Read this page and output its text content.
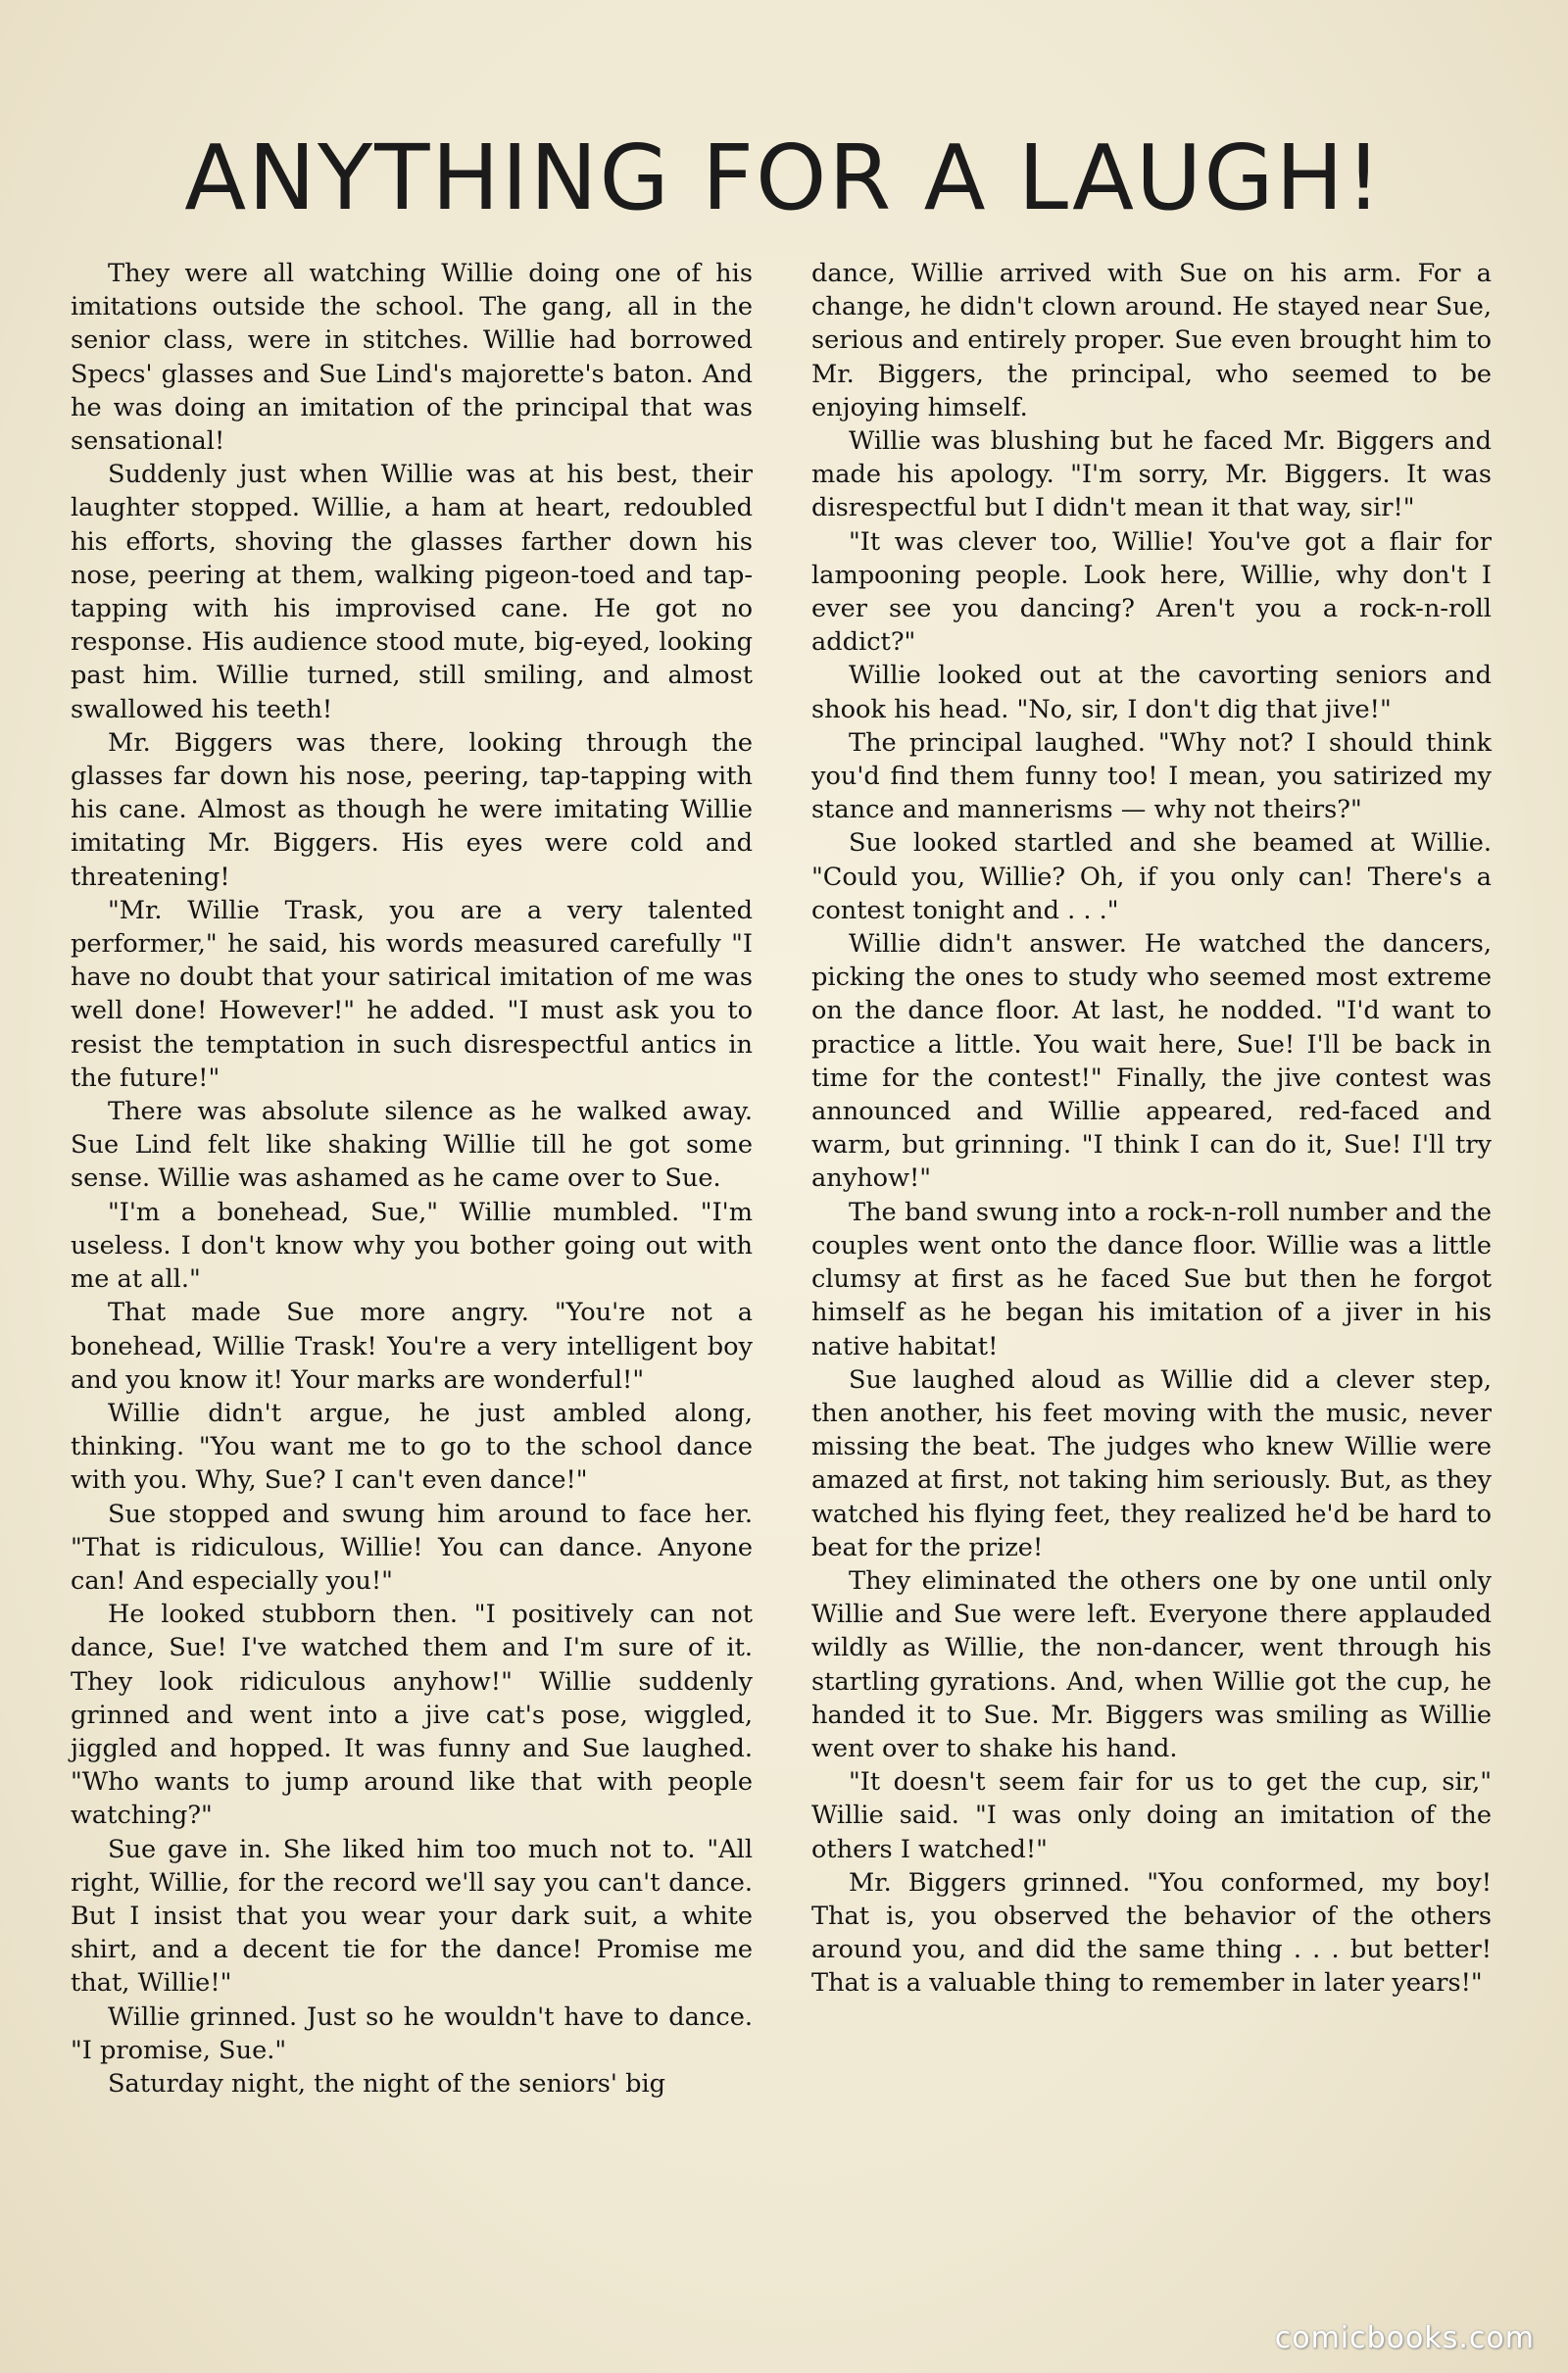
ANYTHING FOR A LAUGH!

They were all watching Willie doing one of his imitations outside the school. The gang, all in the senior class, were in stitches. Willie had borrowed Specs' glasses and Sue Lind's majorette's baton. And he was doing an imitation of the principal that was sensational!

Suddenly just when Willie was at his best, their laughter stopped. Willie, a ham at heart, redoubled his efforts, shoving the glasses farther down his nose, peering at them, walking pigeon-toed and tap-tapping with his improvised cane. He got no response. His audience stood mute, big-eyed, looking past him. Willie turned, still smiling, and almost swallowed his teeth!

Mr. Biggers was there, looking through the glasses far down his nose, peering, tap-tapping with his cane. Almost as though he were imitating Willie imitating Mr. Biggers. His eyes were cold and threatening!

"Mr. Willie Trask, you are a very talented performer," he said, his words measured carefully "I have no doubt that your satirical imitation of me was well done! However!" he added. "I must ask you to resist the temptation in such disrespectful antics in the future!"

There was absolute silence as he walked away. Sue Lind felt like shaking Willie till he got some sense. Willie was ashamed as he came over to Sue.

"I'm a bonehead, Sue," Willie mumbled. "I'm useless. I don't know why you bother going out with me at all."

That made Sue more angry. "You're not a bonehead, Willie Trask! You're a very intelligent boy and you know it! Your marks are wonderful!"

Willie didn't argue, he just ambled along, thinking. "You want me to go to the school dance with you. Why, Sue? I can't even dance!"

Sue stopped and swung him around to face her. "That is ridiculous, Willie! You can dance. Anyone can! And especially you!"

He looked stubborn then. "I positively can not dance, Sue! I've watched them and I'm sure of it. They look ridiculous anyhow!" Willie suddenly grinned and went into a jive cat's pose, wiggled, jiggled and hopped. It was funny and Sue laughed. "Who wants to jump around like that with people watching?"

Sue gave in. She liked him too much not to. "All right, Willie, for the record we'll say you can't dance. But I insist that you wear your dark suit, a white shirt, and a decent tie for the dance! Promise me that, Willie!"

Willie grinned. Just so he wouldn't have to dance. "I promise, Sue."

Saturday night, the night of the seniors' big

dance, Willie arrived with Sue on his arm. For a change, he didn't clown around. He stayed near Sue, serious and entirely proper. Sue even brought him to Mr. Biggers, the principal, who seemed to be enjoying himself.

Willie was blushing but he faced Mr. Biggers and made his apology. "I'm sorry, Mr. Biggers. It was disrespectful but I didn't mean it that way, sir!"

"It was clever too, Willie! You've got a flair for lampooning people. Look here, Willie, why don't I ever see you dancing? Aren't you a rock-n-roll addict?"

Willie looked out at the cavorting seniors and shook his head. "No, sir, I don't dig that jive!"

The principal laughed. "Why not? I should think you'd find them funny too! I mean, you satirized my stance and mannerisms — why not theirs?"

Sue looked startled and she beamed at Willie. "Could you, Willie? Oh, if you only can! There's a contest tonight and . . ."

Willie didn't answer. He watched the dancers, picking the ones to study who seemed most extreme on the dance floor. At last, he nodded. "I'd want to practice a little. You wait here, Sue! I'll be back in time for the contest!" Finally, the jive contest was announced and Willie appeared, red-faced and warm, but grinning. "I think I can do it, Sue! I'll try anyhow!"

The band swung into a rock-n-roll number and the couples went onto the dance floor. Willie was a little clumsy at first as he faced Sue but then he forgot himself as he began his imitation of a jiver in his native habitat!

Sue laughed aloud as Willie did a clever step, then another, his feet moving with the music, never missing the beat. The judges who knew Willie were amazed at first, not taking him seriously. But, as they watched his flying feet, they realized he'd be hard to beat for the prize!

They eliminated the others one by one until only Willie and Sue were left. Everyone there applauded wildly as Willie, the non-dancer, went through his startling gyrations. And, when Willie got the cup, he handed it to Sue. Mr. Biggers was smiling as Willie went over to shake his hand.

"It doesn't seem fair for us to get the cup, sir," Willie said. "I was only doing an imitation of the others I watched!"

Mr. Biggers grinned. "You conformed, my boy! That is, you observed the behavior of the others around you, and did the same thing . . . but better! That is a valuable thing to remember in later years!"

comicbooks.com
